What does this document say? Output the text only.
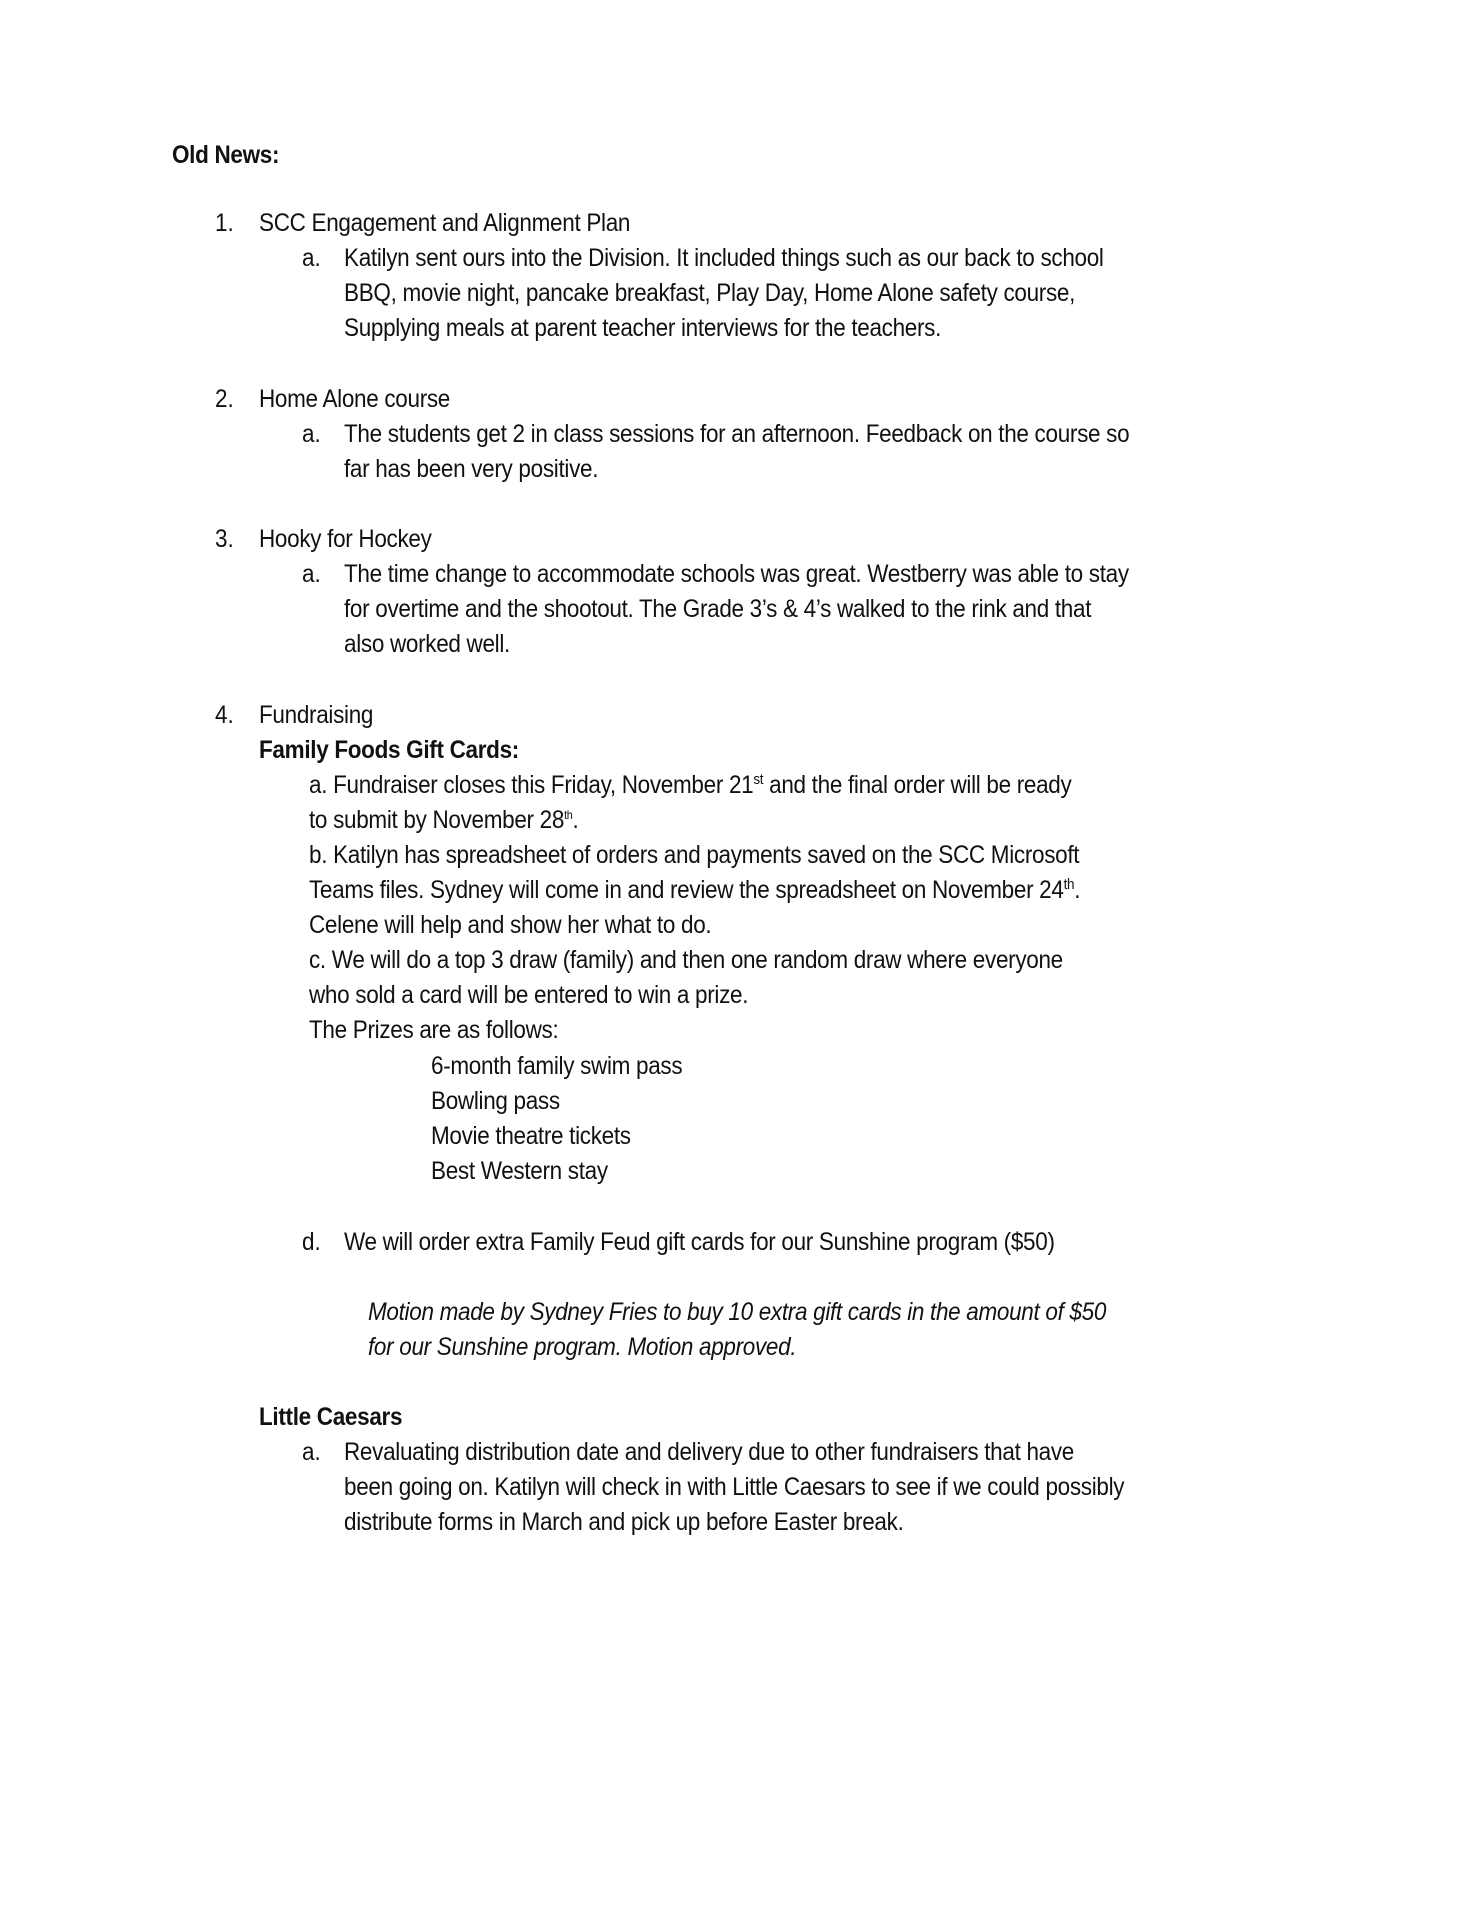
Old News:
1. SCC Engagement and Alignment Plan
a. Katilyn sent ours into the Division. It included things such as our back to school
BBQ, movie night, pancake breakfast, Play Day, Home Alone safety course,
Supplying meals at parent teacher interviews for the teachers.
2. Home Alone course
a. The students get 2 in class sessions for an afternoon. Feedback on the course so
far has been very positive.
3. Hooky for Hockey
a. The time change to accommodate schools was great. Westberry was able to stay
for overtime and the shootout. The Grade 3’s & 4’s walked to the rink and that
also worked well.
4. Fundraising
Family Foods Gift Cards:
a. Fundraiser closes this Friday, November 21st and the final order will be ready
to submit by November 28th.
b. Katilyn has spreadsheet of orders and payments saved on the SCC Microsoft
Teams files. Sydney will come in and review the spreadsheet on November 24th.
Celene will help and show her what to do.
c. We will do a top 3 draw (family) and then one random draw where everyone
who sold a card will be entered to win a prize.
The Prizes are as follows:
6-month family swim pass
Bowling pass
Movie theatre tickets
Best Western stay
d. We will order extra Family Feud gift cards for our Sunshine program ($50)
Motion made by Sydney Fries to buy 10 extra gift cards in the amount of $50
for our Sunshine program. Motion approved.
Little Caesars
a. Revaluating distribution date and delivery due to other fundraisers that have
been going on. Katilyn will check in with Little Caesars to see if we could possibly
distribute forms in March and pick up before Easter break.
